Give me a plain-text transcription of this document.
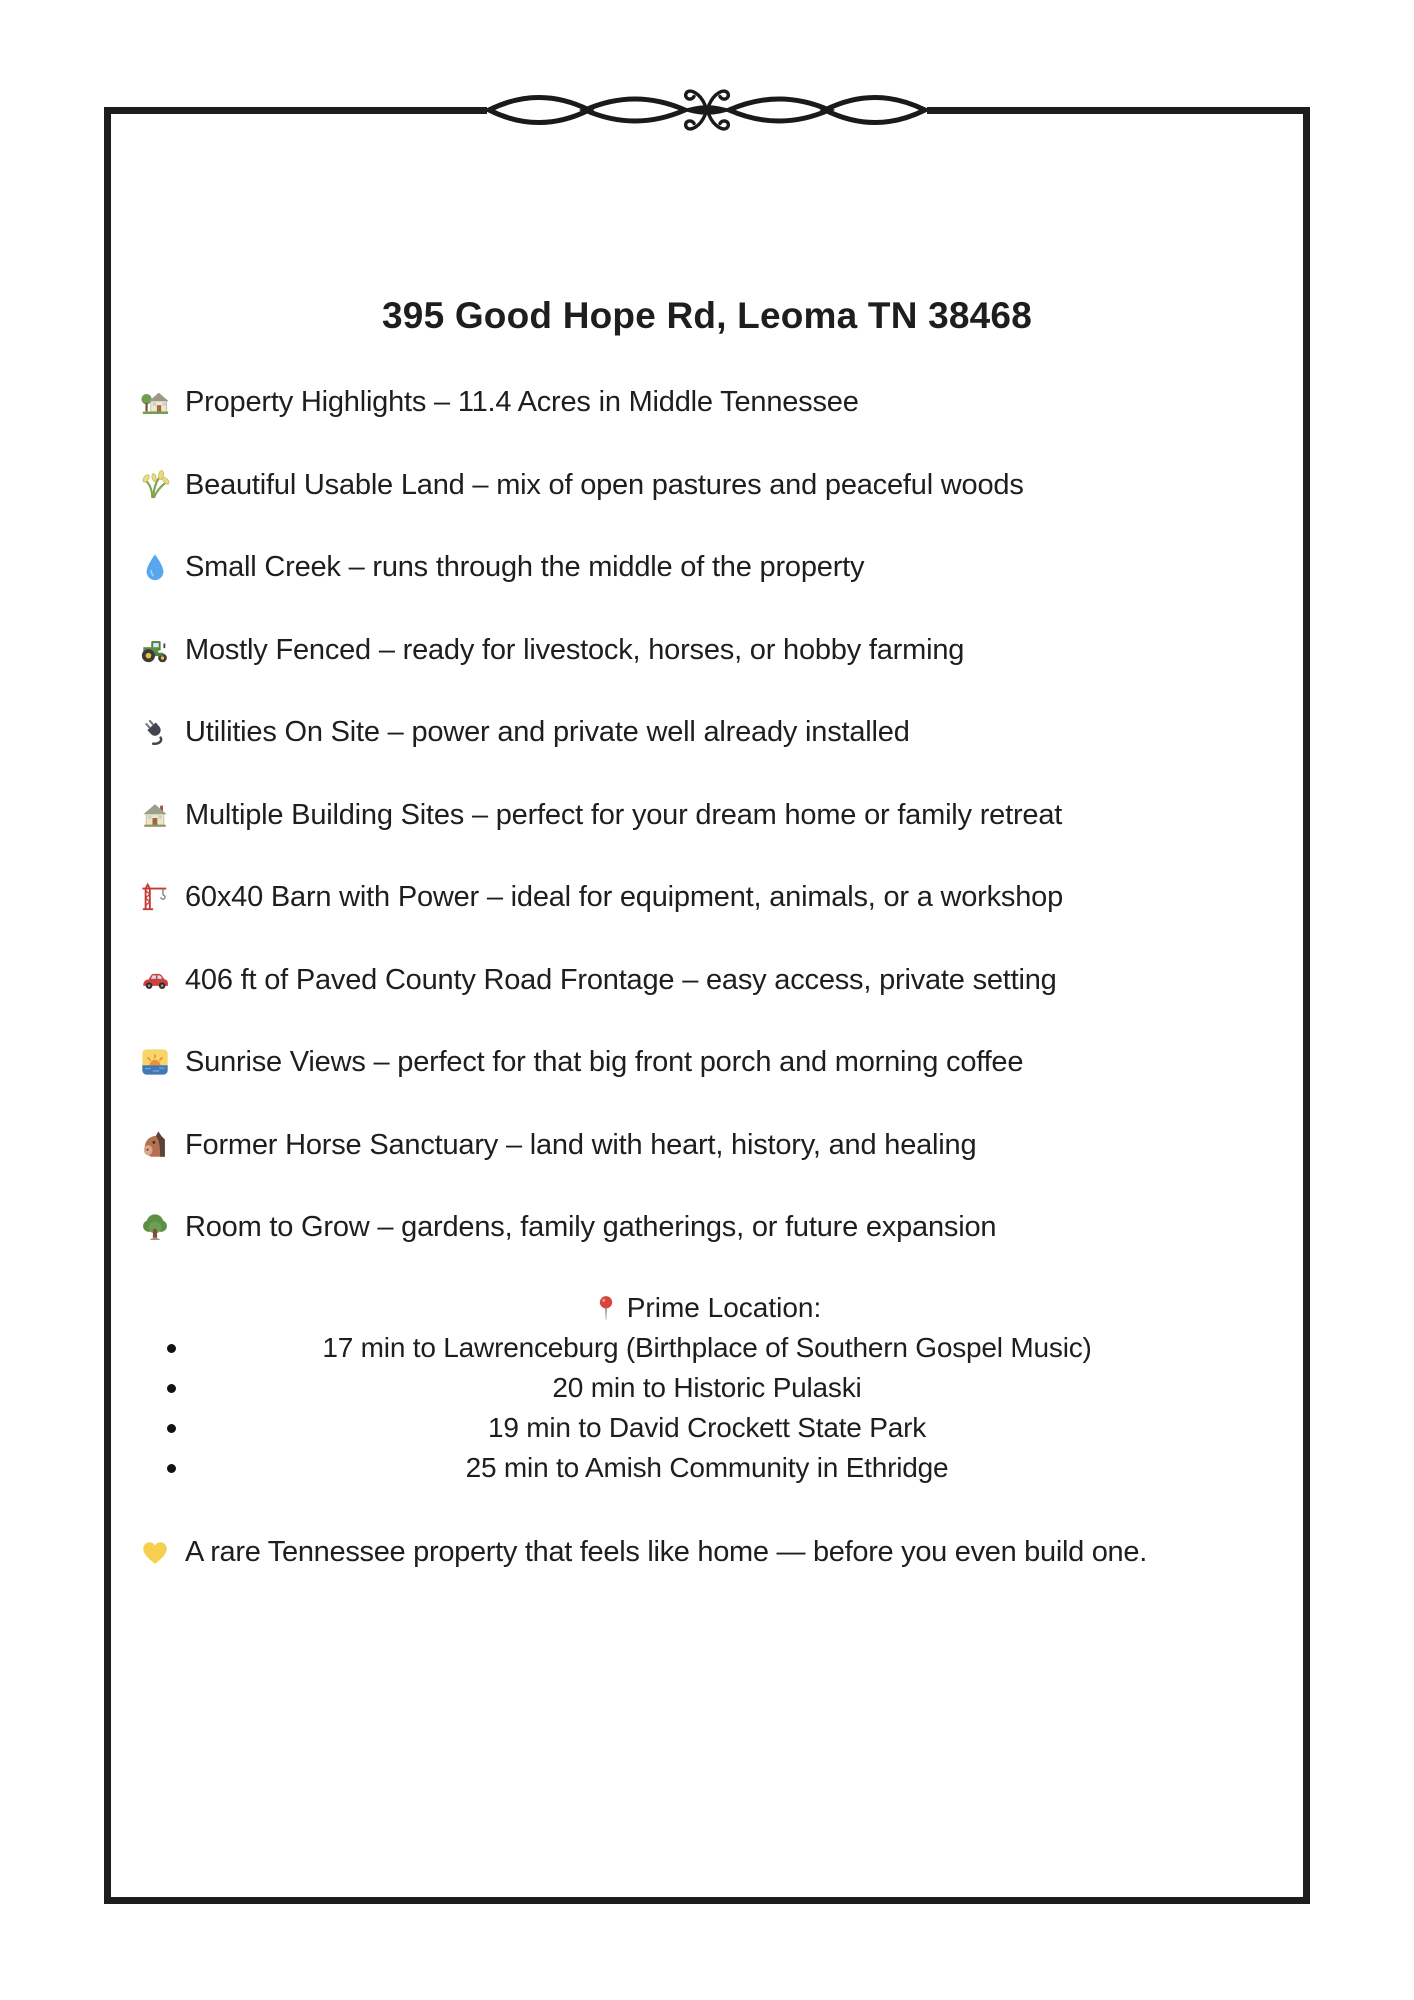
395 Good Hope Rd, Leoma TN 38468
Property Highlights – 11.4 Acres in Middle Tennessee
Beautiful Usable Land – mix of open pastures and peaceful woods
Small Creek – runs through the middle of the property
Mostly Fenced – ready for livestock, horses, or hobby farming
Utilities On Site – power and private well already installed
Multiple Building Sites – perfect for your dream home or family retreat
60x40 Barn with Power – ideal for equipment, animals, or a workshop
406 ft of Paved County Road Frontage – easy access, private setting
Sunrise Views – perfect for that big front porch and morning coffee
Former Horse Sanctuary – land with heart, history, and healing
Room to Grow – gardens, family gatherings, or future expansion
Prime Location:
17 min to Lawrenceburg (Birthplace of Southern Gospel Music)
20 min to Historic Pulaski
19 min to David Crockett State Park
25 min to Amish Community in Ethridge

A rare Tennessee property that feels like home — before you even build one.
